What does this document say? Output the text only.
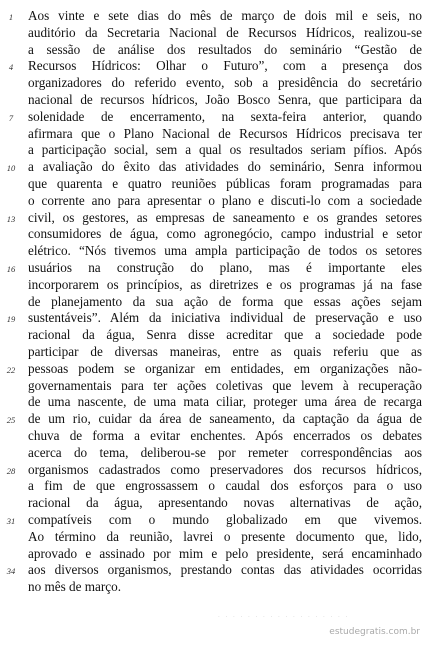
1	Aos vinte e sete dias do mês de março de dois mil e seis, no
auditório da Secretaria Nacional de Recursos Hídricos, realizou-se
a sessão de análise dos resultados do seminário “Gestão de
4	Recursos Hídricos: Olhar o Futuro”, com a presença dos
organizadores do referido evento, sob a presidência do secretário
nacional de recursos hídricos, João Bosco Senra, que participara da
7	solenidade de encerramento, na sexta-feira anterior, quando
afirmara que o Plano Nacional de Recursos Hídricos precisava ter
a participação social, sem a qual os resultados seriam pífios. Após
10 a avaliação do êxito das atividades do seminário, Senra informou
que quarenta e quatro reuniões públicas foram programadas para
o corrente ano para apresentar o plano e discuti-lo com a sociedade
13 civil, os gestores, as empresas de saneamento e os grandes setores
consumidores de água, como agronegócio, campo industrial e setor
elétrico. “Nós tivemos uma ampla participação de todos os setores
16 usuários na construção do plano, mas é importante eles
incorporarem os princípios, as diretrizes e os programas já na fase
de planejamento da sua ação de forma que essas ações sejam
19 sustentáveis”. Além da iniciativa individual de preservação e uso
racional da água, Senra disse acreditar que a sociedade pode
participar de diversas maneiras, entre as quais referiu que as
22 pessoas podem se organizar em entidades, em organizações não-
governamentais para ter ações coletivas que levem à recuperação
de uma nascente, de uma mata ciliar, proteger uma área de recarga
25 de um rio, cuidar da área de saneamento, da captação da água de
chuva de forma a evitar enchentes. Após encerrados os debates
acerca do tema, deliberou-se por remeter correspondências aos
28 organismos cadastrados como preservadores dos recursos hídricos,
a fim de que engrossassem o caudal dos esforços para o uso
racional da água, apresentando novas alternativas de ação,
31 compatíveis com o mundo globalizado em que vivemos.
Ao término da reunião, lavrei o presente documento que, lido,
aprovado e assinado por mim e pelo presidente, será encaminhado
34 aos diversos organismos, prestando contas das atividades ocorridas
no mês de março.
. . . . . . . . . . . . . . . . . .
estudegratis.com.br
